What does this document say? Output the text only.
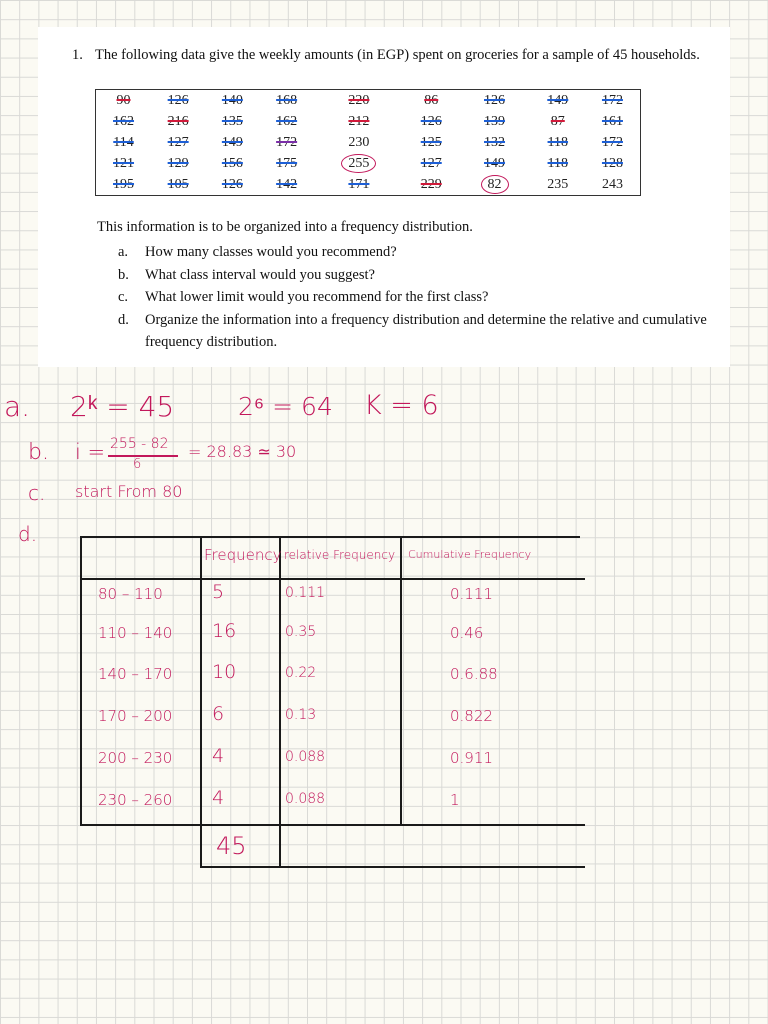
1. The following data give the weekly amounts (in EGP) spent on groceries for a sample of 45 households.
90	126	140	168	220	86	126	149	172
162	216	135	162	212	126	139	87	161
114	127	149	172	230	125	132	118	172
121	129	156	175	255	127	149	118	128
195	105	126	142	171	229	82	235	243
This information is to be organized into a frequency distribution.
a. How many classes would you recommend?
b. What class interval would you suggest?
c. What lower limit would you recommend for the first class?
d. Organize the information into a frequency distribution and determine the relative and cumulative frequency distribution.
a. 2ᵏ = 45	2⁶ = 64 K = 6
b. i = 255 - 82
6
= 28.83 ≃ 30
c. start From 80
d.
Frequency relative Frequency Cumulative Frequency
80 – 110	5	0.111	0.111
110 – 140 16	0.35	0.46
140 – 170 10	0.22	0.6.88
170 – 200 6	0.13	0.822
200 – 230 4	0.088	0.911
230 – 260 4	0.088	1
45
